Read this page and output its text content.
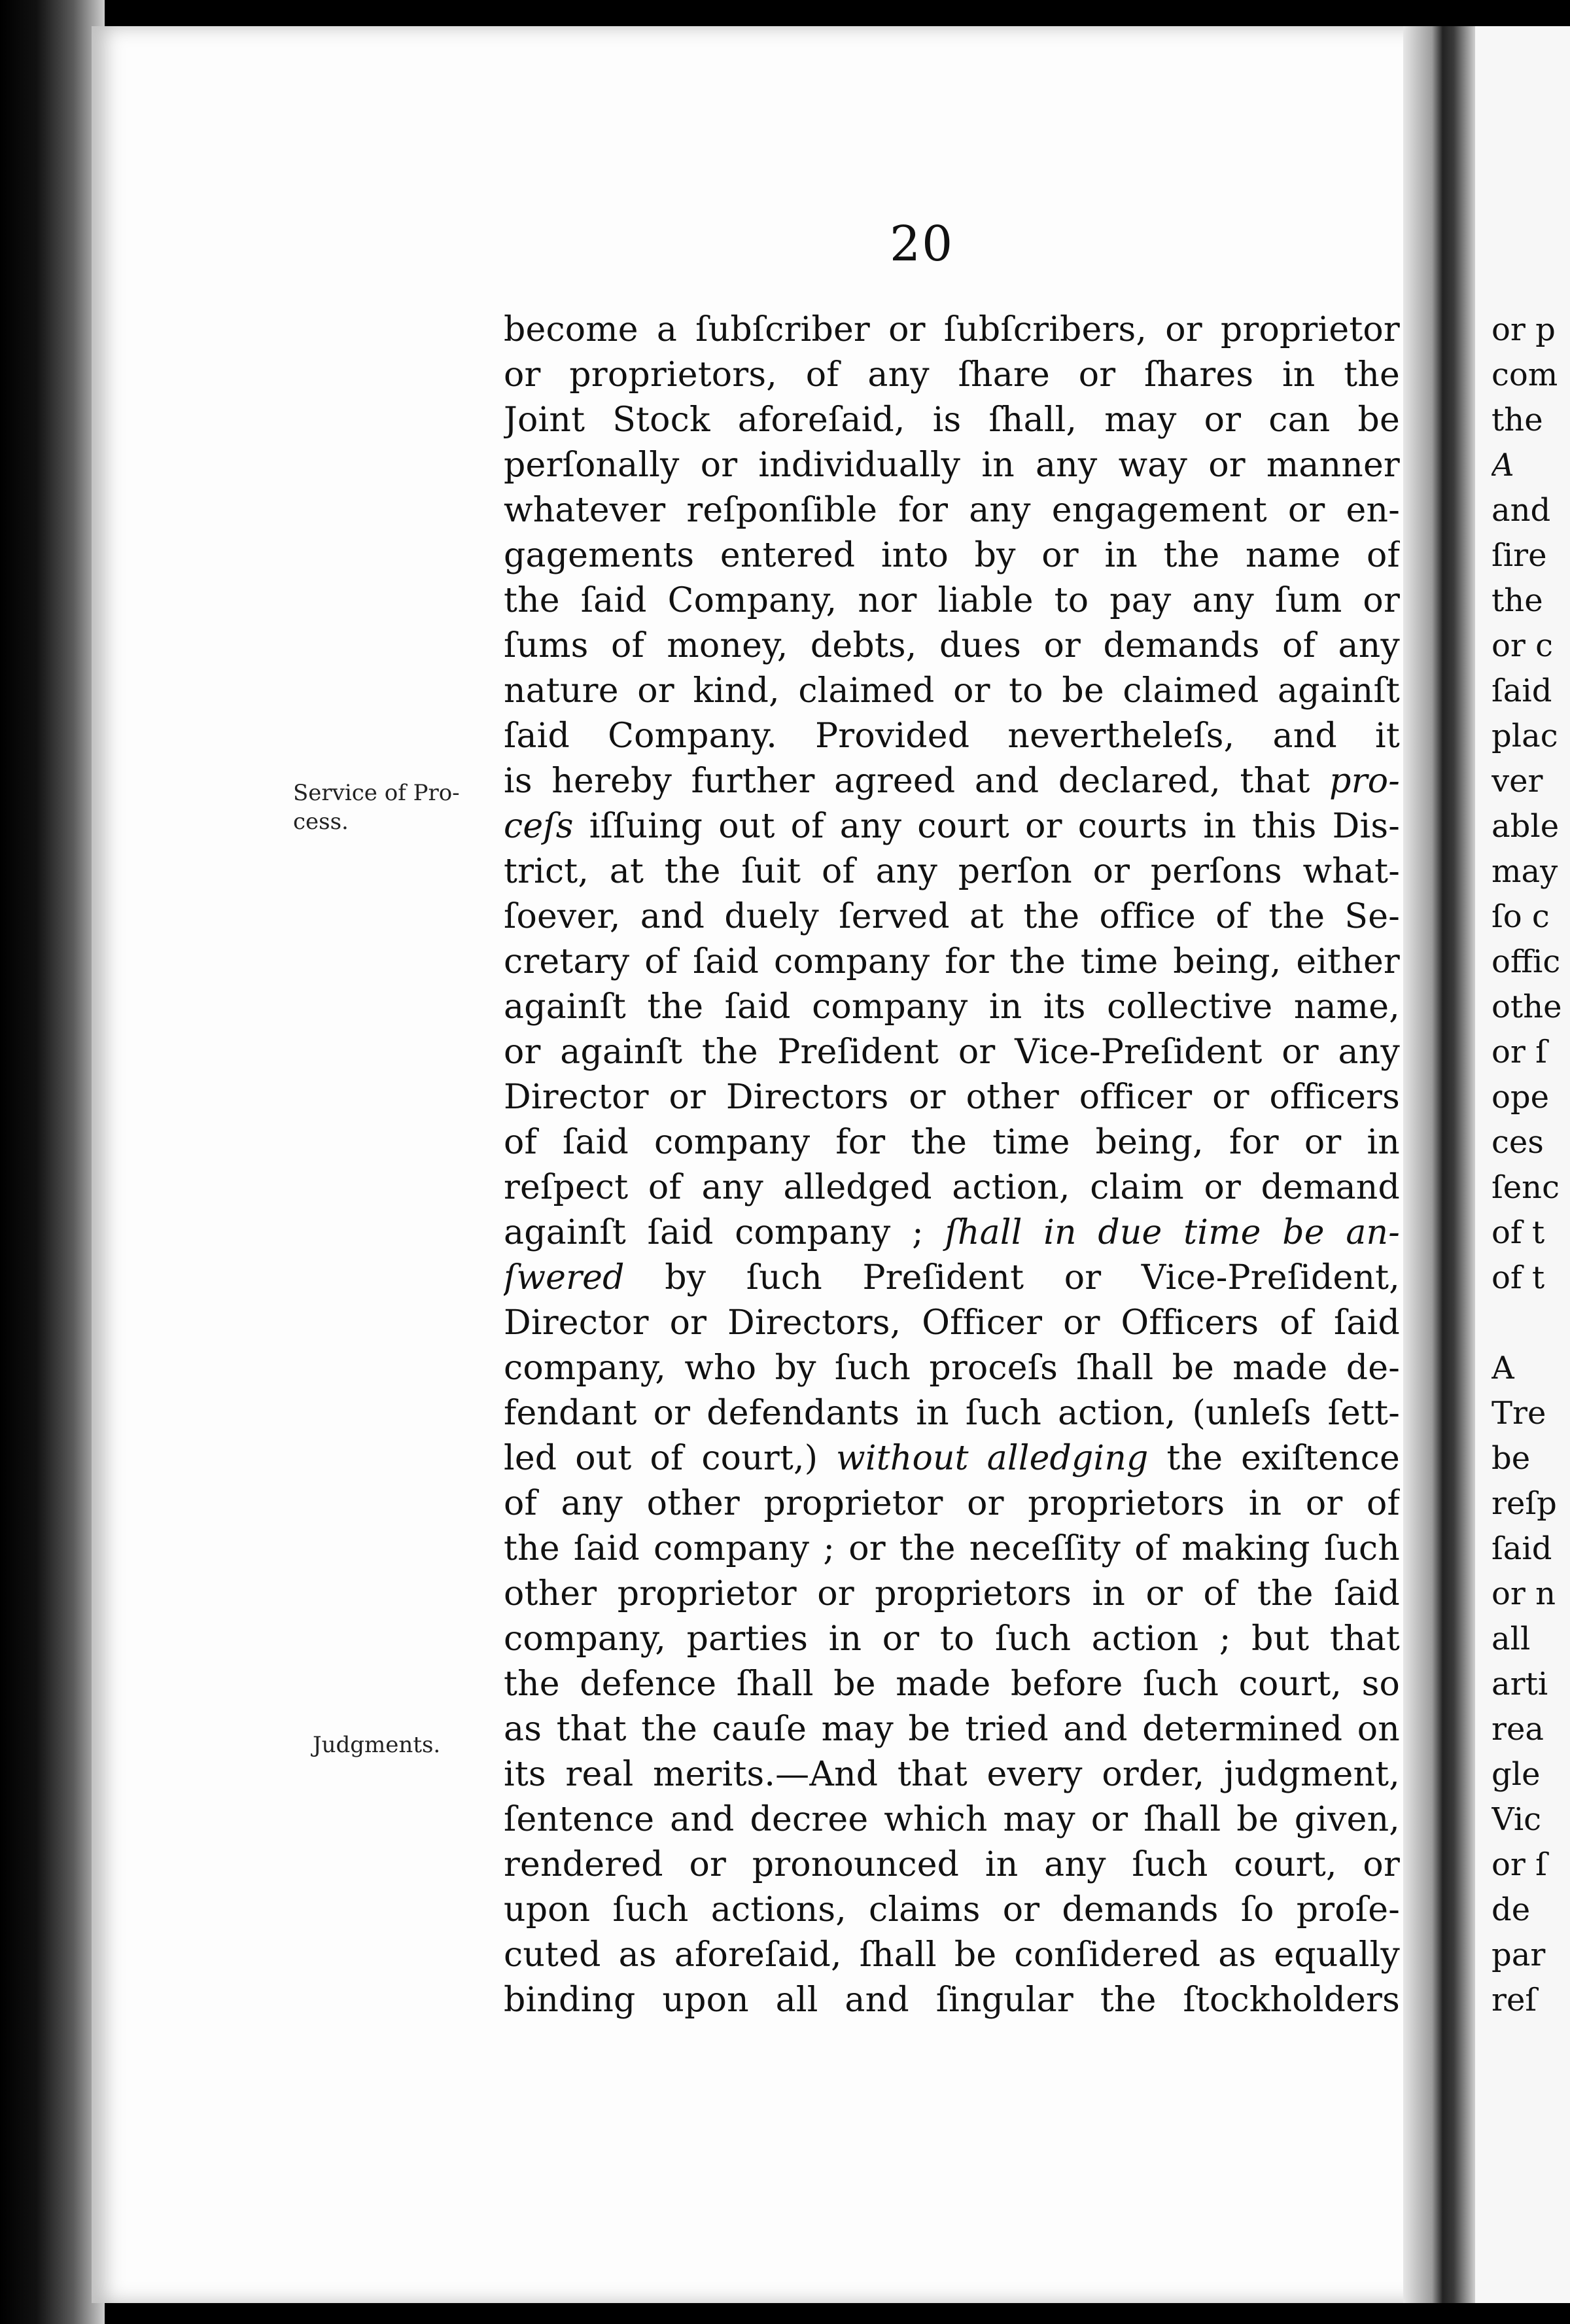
20
Service of Pro-
cess.
Judgments.
become a ſubſcriber or ſubſcribers, or proprietor
or proprietors, of any ſhare or ſhares in the
Joint Stock aforeſaid, is ſhall, may or can be
perſonally or individually in any way or manner
whatever reſponſible for any engagement or en-
gagements entered into by or in the name of
the ſaid Company, nor liable to pay any ſum or
ſums of money, debts, dues or demands of any
nature or kind, claimed or to be claimed againſt
ſaid Company. Provided nevertheleſs, and it
is hereby further agreed and declared, that pro-
ceſs iſſuing out of any court or courts in this Dis-
trict, at the ſuit of any perſon or perſons what-
ſoever, and duely ſerved at the office of the Se-
cretary of ſaid company for the time being, either
againſt the ſaid company in its collective name,
or againſt the Preſident or Vice-Preſident or any
Director or Directors or other officer or officers
of ſaid company for the time being, for or in
reſpect of any alledged action, claim or demand
againſt ſaid company ; ſhall in due time be an-
ſwered by ſuch Preſident or Vice-Preſident,
Director or Directors, Officer or Officers of ſaid
company, who by ſuch proceſs ſhall be made de-
fendant or defendants in ſuch action, (unleſs ſett-
led out of court,) without alledging the exiſtence
of any other proprietor or proprietors in or of
the ſaid company ; or the neceſſity of making ſuch
other proprietor or proprietors in or of the ſaid
company, parties in or to ſuch action ; but that
the defence ſhall be made before ſuch court, so
as that the cauſe may be tried and determined on
its real merits.—And that every order, judgment,
ſentence and decree which may or ſhall be given,
rendered or pronounced in any ſuch court, or
upon ſuch actions, claims or demands ſo proſe-
cuted as aforeſaid, ſhall be conſidered as equally
binding upon all and ſingular the ſtockholders
or p
com
the
A
and
ſire
the
or c
ſaid
plac
ver
able
may
ſo c
offic
othe
or ſ
ope
ces
ſenc
of t
of t
A
Tre
be
reſp
ſaid
or n
all
arti
rea
gle
Vic
or ſ
de
par
reſ
